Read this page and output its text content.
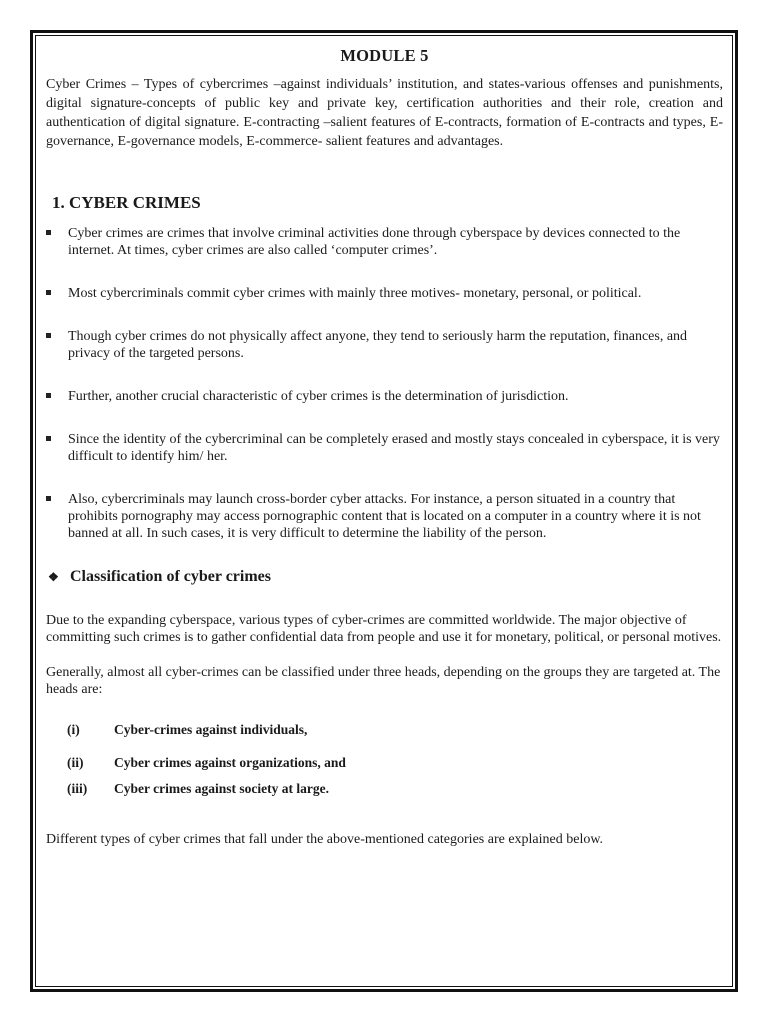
MODULE 5

Cyber Crimes – Types of cybercrimes –against individuals’ institution, and states-various offenses and punishments, digital signature-concepts of public key and private key, certification authorities and their role, creation and authentication of digital signature. E-contracting –salient features of E-contracts, formation of E-contracts and types, E-governance, E-governance models, E-commerce- salient features and advantages.

1. CYBER CRIMES
Cyber crimes are crimes that involve criminal activities done through cyberspace by devices connected to the internet. At times, cyber crimes are also called ‘computer crimes’.
Most cybercriminals commit cyber crimes with mainly three motives- monetary, personal, or political.
Though cyber crimes do not physically affect anyone, they tend to seriously harm the reputation, finances, and privacy of the targeted persons.
Further, another crucial characteristic of cyber crimes is the determination of jurisdiction.
Since the identity of the cybercriminal can be completely erased and mostly stays concealed in cyberspace, it is very difficult to identify him/ her.
Also, cybercriminals may launch cross-border cyber attacks. For instance, a person situated in a country that prohibits pornography may access pornographic content that is located on a computer in a country where it is not banned at all. In such cases, it is very difficult to determine the liability of the person.
❖ Classification of cyber crimes

Due to the expanding cyberspace, various types of cyber-crimes are committed worldwide. The major objective of committing such crimes is to gather confidential data from people and use it for monetary, political, or personal motives.

Generally, almost all cyber-crimes can be classified under three heads, depending on the groups they are targeted at. The heads are:

(i)	Cyber-crimes against individuals,
(ii)	Cyber crimes against organizations, and
(iii)	Cyber crimes against society at large.

Different types of cyber crimes that fall under the above-mentioned categories are explained below.
